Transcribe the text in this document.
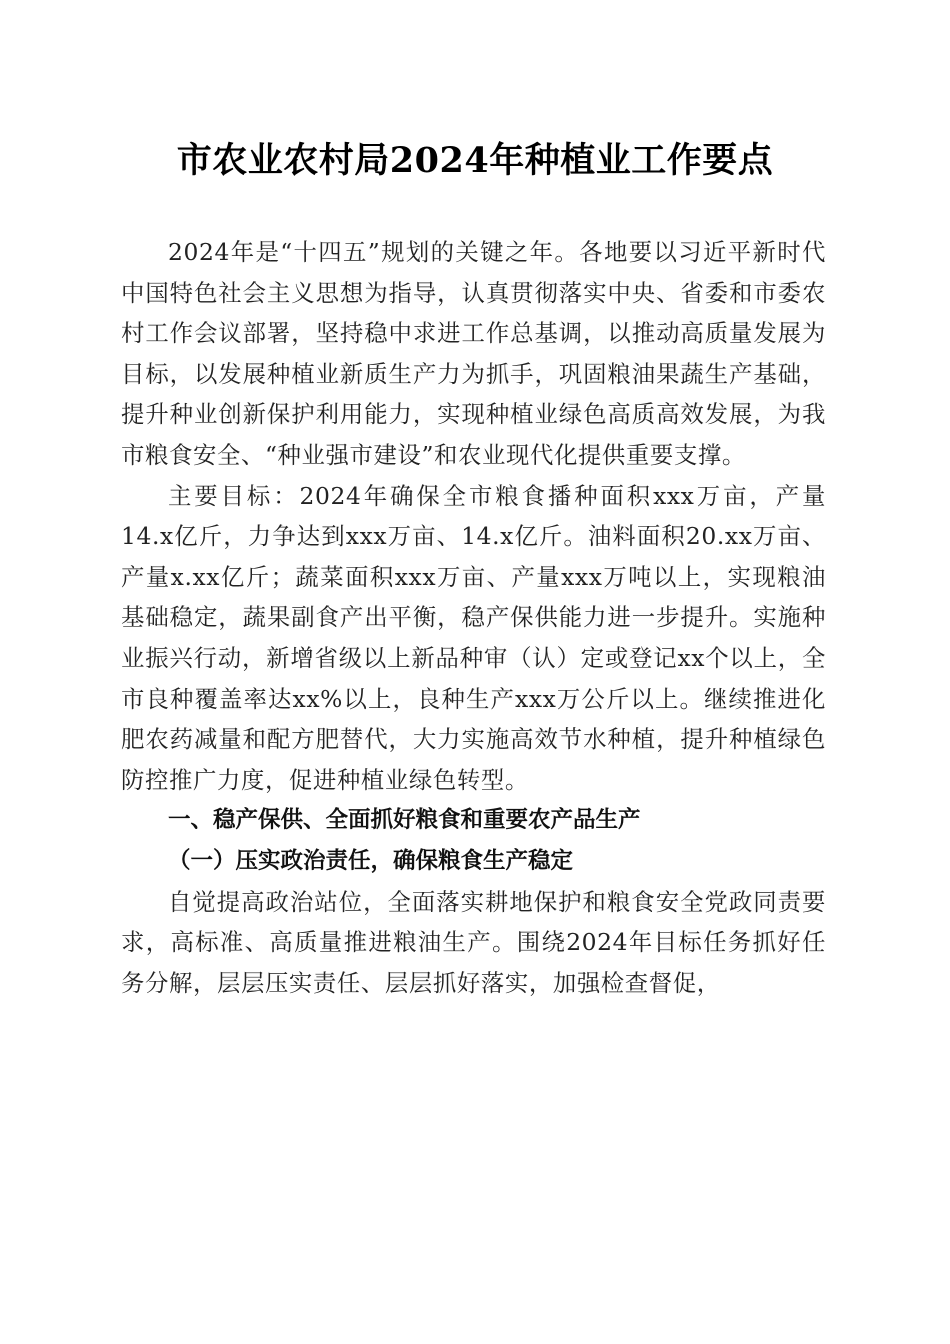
市农业农村局2024年种植业工作要点

2024年是“十四五”规划的关键之年。各地要以习近平新时代中国特色社会主义思想为指导，认真贯彻落实中央、省委和市委农村工作会议部署，坚持稳中求进工作总基调，以推动高质量发展为目标，以发展种植业新质生产力为抓手，巩固粮油果蔬生产基础，提升种业创新保护利用能力，实现种植业绿色高质高效发展，为我市粮食安全、“种业强市建设”和农业现代化提供重要支撑。

主要目标：2024年确保全市粮食播种面积xxx万亩，产量14.x亿斤，力争达到xxx万亩、14.x亿斤。油料面积20.xx万亩、产量x.xx亿斤；蔬菜面积xxx万亩、产量xxx万吨以上，实现粮油基础稳定，蔬果副食产出平衡，稳产保供能力进一步提升。实施种业振兴行动，新增省级以上新品种审（认）定或登记xx个以上，全市良种覆盖率达xx%以上，良种生产xxx万公斤以上。继续推进化肥农药减量和配方肥替代，大力实施高效节水种植，提升种植绿色防控推广力度，促进种植业绿色转型。

一、稳产保供、全面抓好粮食和重要农产品生产

（一）压实政治责任，确保粮食生产稳定

自觉提高政治站位，全面落实耕地保护和粮食安全党政同责要求，高标准、高质量推进粮油生产。围绕2024年目标任务抓好任务分解，层层压实责任、层层抓好落实，加强检查督促，
